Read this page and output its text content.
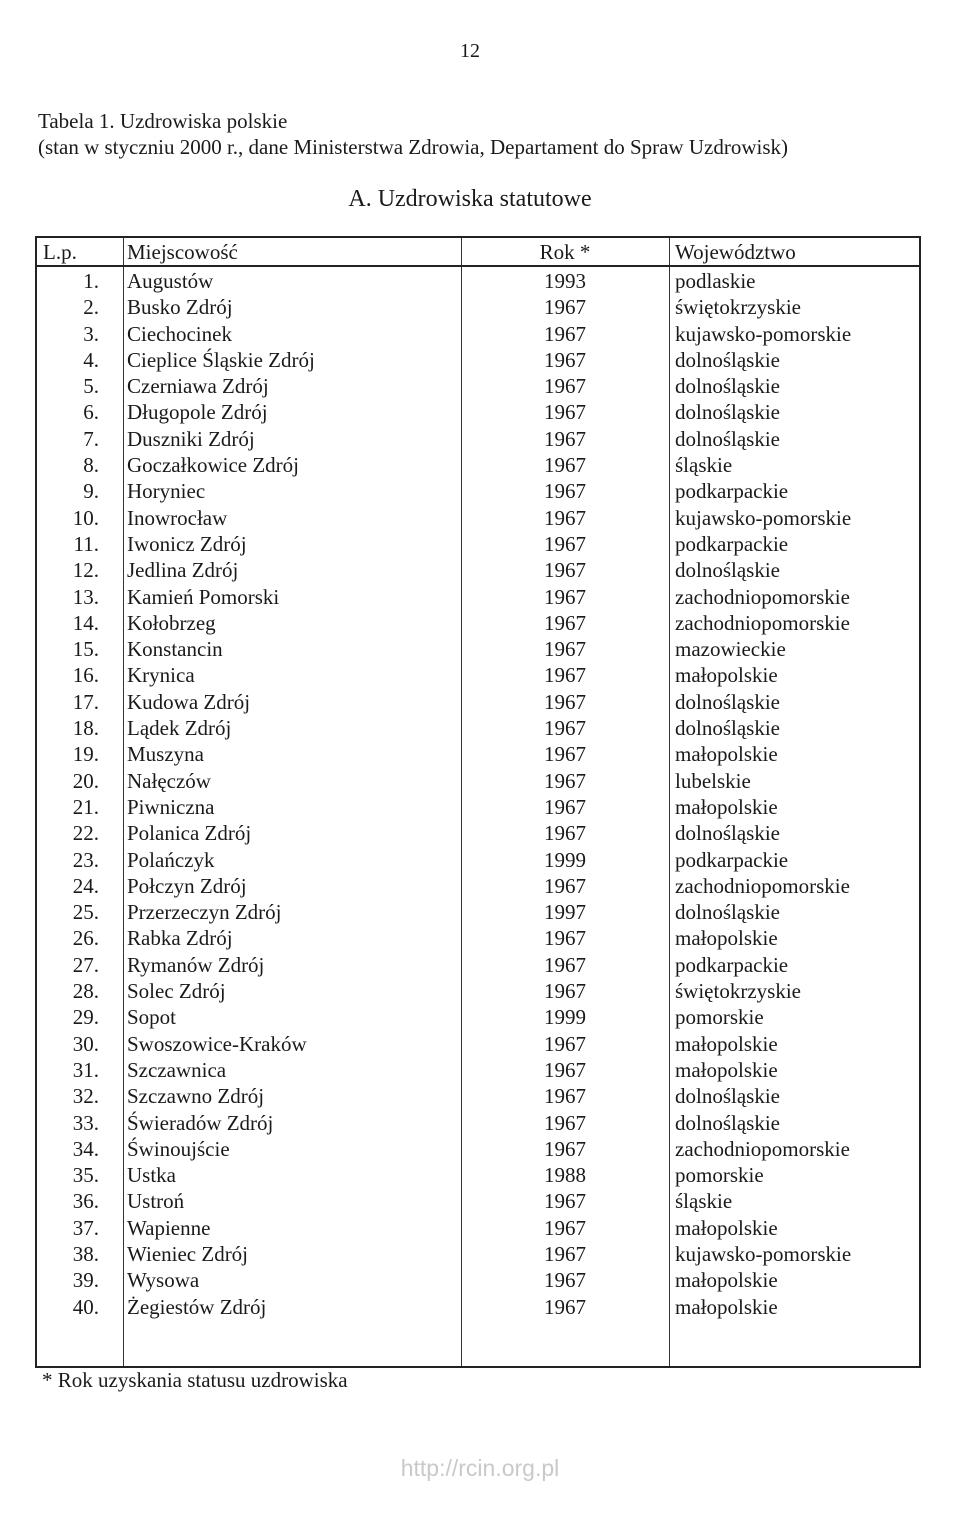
12
Tabela 1. Uzdrowiska polskie
(stan w styczniu 2000 r., dane Ministerstwa Zdrowia, Departament do Spraw Uzdrowisk)
A. Uzdrowiska statutowe
L.p. Miejscowość	Rok *	Województwo
1. Augustów	1993	podlaskie
2. Busko Zdrój	1967	świętokrzyskie
3. Ciechocinek	1967	kujawsko-pomorskie
4. Cieplice Śląskie Zdrój	1967	dolnośląskie
5. Czerniawa Zdrój	1967	dolnośląskie
6. Długopole Zdrój	1967	dolnośląskie
7. Duszniki Zdrój	1967	dolnośląskie
8. Goczałkowice Zdrój	1967	śląskie
9. Horyniec	1967	podkarpackie
10. Inowrocław	1967	kujawsko-pomorskie
11. Iwonicz Zdrój	1967	podkarpackie
12. Jedlina Zdrój	1967	dolnośląskie
13. Kamień Pomorski	1967	zachodniopomorskie
14. Kołobrzeg	1967	zachodniopomorskie
15. Konstancin	1967	mazowieckie
16. Krynica	1967	małopolskie
17. Kudowa Zdrój	1967	dolnośląskie
18. Lądek Zdrój	1967	dolnośląskie
19. Muszyna	1967	małopolskie
20. Nałęczów	1967	lubelskie
21. Piwniczna	1967	małopolskie
22. Polanica Zdrój	1967	dolnośląskie
23. Polańczyk	1999	podkarpackie
24. Połczyn Zdrój	1967	zachodniopomorskie
25. Przerzeczyn Zdrój	1997	dolnośląskie
26. Rabka Zdrój	1967	małopolskie
27. Rymanów Zdrój	1967	podkarpackie
28. Solec Zdrój	1967	świętokrzyskie
29. Sopot	1999	pomorskie
30. Swoszowice-Kraków	1967	małopolskie
31. Szczawnica	1967	małopolskie
32. Szczawno Zdrój	1967	dolnośląskie
33. Świeradów Zdrój	1967	dolnośląskie
34. Świnoujście	1967	zachodniopomorskie
35. Ustka	1988	pomorskie
36. Ustroń	1967	śląskie
37. Wapienne	1967	małopolskie
38. Wieniec Zdrój	1967	kujawsko-pomorskie
39. Wysowa	1967	małopolskie
40. Żegiestów Zdrój	1967	małopolskie
* Rok uzyskania statusu uzdrowiska
http://rcin.org.pl
